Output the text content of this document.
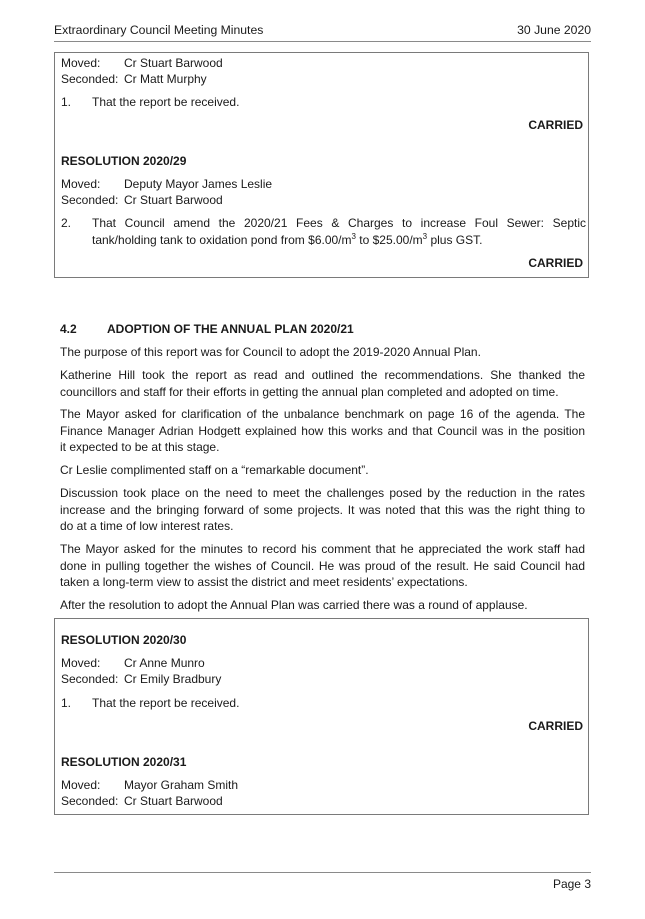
Extraordinary Council Meeting Minutes	30 June 2020
Moved: Cr Stuart Barwood
Seconded: Cr Matt Murphy
1. That the report be received.
CARRIED
RESOLUTION 2020/29
Moved: Deputy Mayor James Leslie
Seconded: Cr Stuart Barwood
2. That Council amend the 2020/21 Fees & Charges to increase Foul Sewer: Septic
tank/holding tank to oxidation pond from $\$6.00/m^3$ to $\$25.00/m^3$ plus GST.
CARRIED
4.2	ADOPTION OF THE ANNUAL PLAN 2020/21
The purpose of this report was for Council to adopt the 2019-2020 Annual Plan.
Katherine Hill took the report as read and outlined the recommendations. She thanked the
councillors and staff for their efforts in getting the annual plan completed and adopted on time.
The Mayor asked for clarification of the unbalance benchmark on page 16 of the agenda. The
Finance Manager Adrian Hodgett explained how this works and that Council was in the position
it expected to be at this stage.
Cr Leslie complimented staff on a “remarkable document”.
Discussion took place on the need to meet the challenges posed by the reduction in the rates
increase and the bringing forward of some projects. It was noted that this was the right thing to
do at a time of low interest rates.
The Mayor asked for the minutes to record his comment that he appreciated the work staff had
done in pulling together the wishes of Council. He was proud of the result. He said Council had
taken a long-term view to assist the district and meet residents’ expectations.
After the resolution to adopt the Annual Plan was carried there was a round of applause.
RESOLUTION 2020/30
Moved: Cr Anne Munro
Seconded: Cr Emily Bradbury
1. That the report be received.
CARRIED
RESOLUTION 2020/31
Moved: Mayor Graham Smith
Seconded: Cr Stuart Barwood
Page 3
